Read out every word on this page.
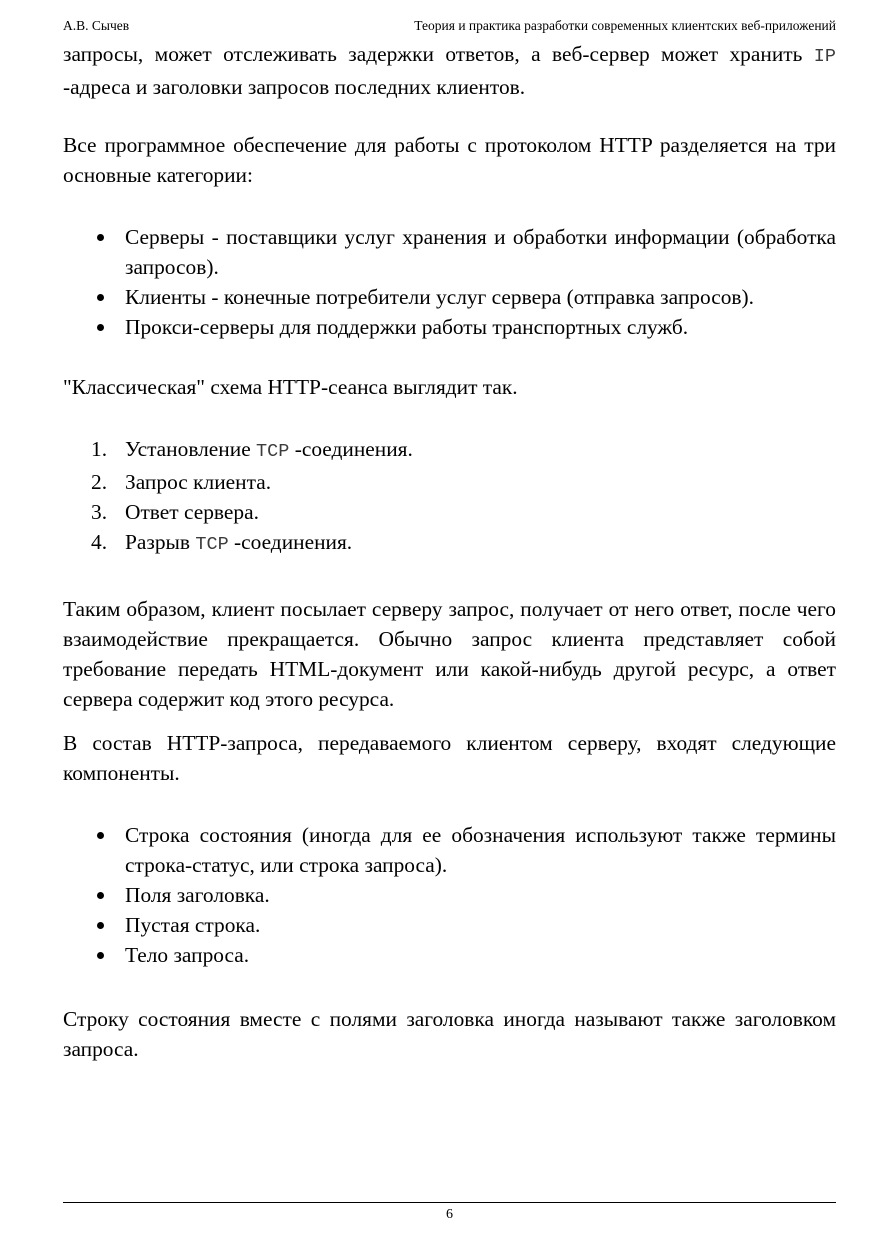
А.В. Сычев	Теория и практика разработки современных клиентских веб-приложений

запросы, может отслеживать задержки ответов, а веб-сервер может хранить IP -адреса и заголовки запросов последних клиентов.

Все программное обеспечение для работы с протоколом HTTP разделяется на три основные категории:

Серверы - поставщики услуг хранения и обработки информации (обработка запросов).
Клиенты - конечные потребители услуг сервера (отправка запросов).
Прокси-серверы для поддержки работы транспортных служб.

"Классическая" схема HTTP-сеанса выглядит так.

1. Установление TCP -соединения.
2. Запрос клиента.
3. Ответ сервера.
4. Разрыв TCP -соединения.

Таким образом, клиент посылает серверу запрос, получает от него ответ, после чего взаимодействие прекращается. Обычно запрос клиента представляет собой требование передать HTML-документ или какой-нибудь другой ресурс, а ответ сервера содержит код этого ресурса.

В состав HTTP-запроса, передаваемого клиентом серверу, входят следующие компоненты.

Строка состояния (иногда для ее обозначения используют также термины строка-статус, или строка запроса).
Поля заголовка.
Пустая строка.
Тело запроса.

Строку состояния вместе с полями заголовка иногда называют также заголовком запроса.

6
